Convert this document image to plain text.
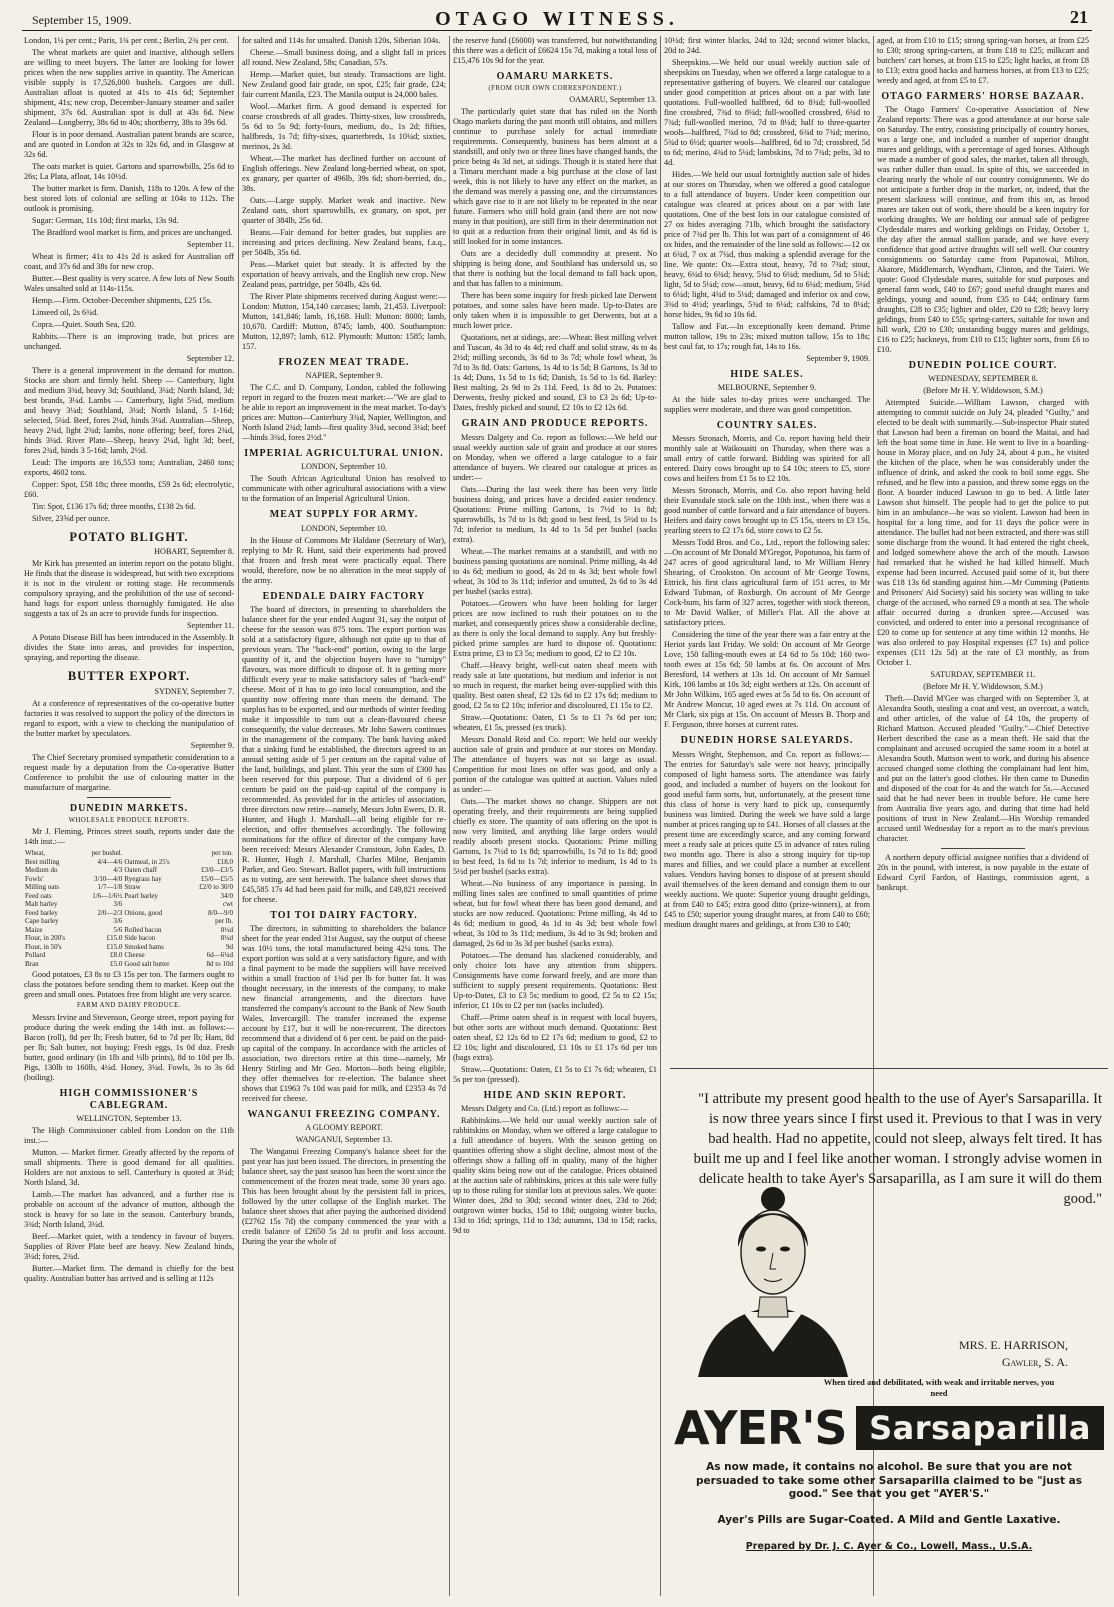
September 15, 1909.	OTAGO WITNESS.	21

London, 1¼ per cent.; Paris, 1¾ per cent.; Berlin, 2¾ per cent.

The wheat markets are quiet and inactive, although sellers are willing to meet buyers. The latter are looking for lower prices when the new supplies arrive in quantity. The American visible supply is 17,526,000 bushels. Cargoes are dull. Australian afloat is quoted at 41s to 41s 6d; September shipment, 41s; new crop, December-January steamer and sailer shipment, 37s 6d. Australian spot is dull at 43s 6d. New Zealand—Longberry, 38s 6d to 40s; shortberry, 38s to 39s 6d.

Flour is in poor demand. Australian patent brands are scarce, and are quoted in London at 32s to 32s 6d, and in Glasgow at 32s 6d.

The oats market is quiet. Gartons and sparrowbills, 25s 6d to 26s; La Plata, afloat, 14s 10½d.

The butter market is firm. Danish, 118s to 120s. A few of the best stored lots of colonial are selling at 104s to 112s. The outlook is promising.

Sugar: German, 11s 10d; first marks, 13s 9d.

The Bradford wool market is firm, and prices are unchanged.

September 11.

Wheat is firmer; 41s to 41s 2d is asked for Australian off coast, and 37s 6d and 38s for new crop.

Butter.—Best quality is very scarce. A few lots of New South Wales unsalted sold at 114s-115s.

Hemp.—Firm. October-December shipments, £25 15s.

Linseed oil, 2s 6¾d.

Copra.—Quiet. South Sea, £20.

Rabbits.—There is an improving trade, but prices are unchanged.

September 12.

There is a general improvement in the demand for mutton. Stocks are short and firmly held. Sheep — Canterbury, light and medium 3¾d, heavy 3d; Southland, 3¼d; North Island, 3d; best brands, 3¼d. Lambs — Canterbury, light 5¾d, medium and heavy 3¼d; Southland, 3¼d; North Island, 5 1-16d; selected, 5¼d. Beef, fores 2¼d, hinds 3¼d. Australian—Sheep, heavy 2¾d, light 2¾d; lambs, none offering; beef, fores 2¾d, hinds 3¼d. River Plate—Sheep, heavy 2¼d, light 3d; beef, fores 2¾d, hinds 3 5-16d; lamb, 2½d.

Lead: The imports are 16,553 tons; Australian, 2460 tons; exports, 4602 tons.

Copper: Spot, £58 18s; three months, £59 2s 6d; electrolytic, £60.

Tin: Spot, £136 17s 6d; three months, £138 2s 6d.

Silver, 23⅝d per ounce.

POTATO BLIGHT.

HOBART, September 8.

Mr Kirk has presented an interim report on the potato blight. He finds that the disease is widespread, but with two exceptions it is not in the virulent or rotting stage. He recommends compulsory spraying, and the prohibition of the use of second-hand bags for export unless thoroughly fumigated. He also suggests a tax of 2s an acre to provide funds for inspection.

September 11.

A Potato Disease Bill has been introduced in the Assembly. It divides the State into areas, and provides for inspection, spraying, and reporting the disease.

BUTTER EXPORT.

SYDNEY, September 7.

At a conference of representatives of the co-operative butter factories it was resolved to support the policy of the directors in regard to export, with a view to checking the manipulation of the butter market by speculators.

September 9.

The Chief Secretary promised sympathetic consideration to a request made by a deputation from the Co-operative Butter Conference to prohibit the use of colouring matter in the manufacture of margarine.

DUNEDIN MARKETS.
WHOLESALE PRODUCE REPORTS.

Mr J. Fleming, Princes street south, reports under date the 14th inst.:—

Wheat,	per bushel.		per ton.
Best milling	4/4—4/6	Oatmeal, in 25's	£18.0
Medium do	4/3	Oaten chaff	£3/0—£3/5
Fowls'	3/10—4/0	Ryegrass hay	£5/0—£5/5
Milling oats	1/7—1/8	Straw	£2/0 to 30/0
Feed oats	1/6—1/6½	Pearl barley	34/0
Malt barley	3/6		cwt
Feed barley	2/0—2/3	Onions, good	8/0—9/0
Cape barley	3/6		per lb.
Maize	5/6	Rolled bacon	8½d
Flour, in 200's	£15.0	Side bacon	8¼d
Flour, in 50's	£15.0	Smoked hams	9d
Pollard	£8.0	Cheese	6d—6¼d
Bran	£5.0	Good salt butter	8d to 10d

Good potatoes, £3 8s to £3 15s per ton. The farmers ought to class the potatoes before sending them to market. Keep out the green and small ones. Potatoes free from blight are very scarce.

FARM AND DAIRY PRODUCE.

Messrs Irvine and Stevenson, George street, report paying for produce during the week ending the 14th inst. as follows:—Bacon (roll), 8d per lb; Fresh butter, 6d to 7d per lb; Ham, 8d per lb; Salt butter, not buying; Fresh eggs, 1s 0d doz. Fresh butter, good ordinary (in 1lb and ½lb prints), 8d to 10d per lb. Pigs, 130lb to 160lb, 4¼d. Honey, 3¼d. Fowls, 3s to 3s 6d (boiling).

HIGH COMMISSIONER'S CABLEGRAM.

WELLINGTON, September 13.

The High Commissioner cabled from London on the 11th inst.:—

Mutton. — Market firmer. Greatly affected by the reports of small shipments. There is good demand for all qualities. Holders are not anxious to sell. Canterbury is quoted at 3¼d; North Island, 3d.

Lamb.—The market has advanced, and a further rise is probable on account of the advance of mutton, although the stock is heavy for so late in the season. Canterbury brands, 3¾d; North Island, 3¼d.

Beef.—Market quiet, with a tendency in favour of buyers. Supplies of River Plate beef are heavy. New Zealand hinds, 3¼d; fores, 2¾d.

Butter.—Market firm. The demand is chiefly for the best quality. Australian butter has arrived and is selling at 112s

for salted and 114s for unsalted. Danish 120s, Siberian 104s.

Cheese.—Small business doing, and a slight fall in prices all round. New Zealand, 58s; Canadian, 57s.

Hemp.—Market quiet, but steady. Transactions are light. New Zealand good fair grade, on spot, £25; fair grade, £24; fair current Manila, £23. The Manila output is 24,000 bales.

Wool.—Market firm. A good demand is expected for coarse crossbreds of all grades. Thirty-sixes, low crossbreds, 5s 6d to 5s 9d; forty-fours, medium, do., 1s 2d; fifties, halfbreds, 1s 7d; fifty-sixes, quarterbreds, 1s 10¼d; sixties, merinos, 2s 3d.

Wheat.—The market has declined further on account of English offerings. New Zealand long-berried wheat, on spot, ex granary, per quarter of 496lb, 39s 6d; short-berried, do., 38s.

Oats.—Large supply. Market weak and inactive. New Zealand oats, short sparrowbills, ex granary, on spot, per quarter of 384lb, 25s 6d.

Beans.—Fair demand for better grades, but supplies are increasing and prices declining. New Zealand beans, f.a.q., per 504lb, 35s 6d.

Peas.—Market quiet but steady. It is affected by the exportation of heavy arrivals, and the English new crop. New Zealand peas, partridge, per 504lb, 42s 6d.

The River Plate shipments received during August were:—London: Mutton, 154,140 carcases; lamb, 21,453. Liverpool: Mutton, 141,846; lamb, 16,168. Hull: Mutton: 8000; lamb, 10,670. Cardiff: Mutton, 8745; lamb, 400. Southampton: Mutton, 12,897; lamb, 612. Plymouth: Mutton: 1585; lamb, 157.

FROZEN MEAT TRADE.

NAPIER, September 9.

The C.C. and D. Company, London, cabled the following report in regard to the frozen meat market:—"We are glad to be able to report an improvement in the meat market. To-day's prices are: Mutton—Canterbury 3¾d, Napier, Wellington, and North Island 2¾d; lamb—first quality 3¾d, second 3¼d; beef—hinds 3¾d, fores 2½d."

IMPERIAL AGRICULTURAL UNION.

LONDON, September 10.

The South African Agricultural Union has resolved to communicate with other agricultural associations with a view to the formation of an Imperial Agricultural Union.

MEAT SUPPLY FOR ARMY.

LONDON, September 10.

In the House of Commons Mr Haldane (Secretary of War), replying to Mr R. Hunt, said their experiments had proved that frozen and fresh meat were practically equal. There would, therefore, now be no alteration in the meat supply of the army.

EDENDALE DAIRY FACTORY

The board of directors, in presenting to shareholders the balance sheet for the year ended August 31, say the output of cheese for the season was 875 tons. The export portion was sold at a satisfactory figure, although not quite up to that of previous years. The "back-end" portion, owing to the large quantity of it, and the objection buyers have to "turnipy" flavours, was more difficult to dispose of. It is getting more difficult every year to make satisfactory sales of "back-end" cheese. Most of it has to go into local consumption, and the quantity now offering more than meets the demand. The surplus has to be exported, and our methods of winter feeding make it impossible to turn out a clean-flavoured cheese consequently, the value decreases. Mr John Sawers continues in the management of the company. The bank having asked that a sinking fund be established, the directors agreed to an annual setting aside of 5 per centum on the capital value of the land, buildings, and plant. This year the sum of £300 has been reserved for this purpose. That a dividend of 6 per centum be paid on the paid-up capital of the company is recommended. As provided for in the articles of association, three directors now retire—namely, Messrs John Ewers, D. R. Hunter, and Hugh J. Marshall—all being eligible for re-election, and offer themselves accordingly. The following nominations for the office of director of the company have been received: Messrs Alexander Cranstoun, John Eades, D. R. Hunter, Hugh J. Marshall, Charles Milne, Benjamin Parker, and Geo. Stewart. Ballot papers, with full instructions as to voting, are sent herewith. The balance sheet shows that £45,585 17s 4d had been paid for milk, and £49,821 received for cheese.

TOI TOI DAIRY FACTORY.

The directors, in submitting to shareholders the balance sheet for the year ended 31st August, say the output of cheese was 10½ tons, the total manufactured being 42¼ tons. The export portion was sold at a very satisfactory figure, and with a final payment to be made the suppliers will have received within a small fraction of 1¾d per lb for butter fat. It was thought necessary, in the interests of the company, to make new financial arrangements, and the directors have transferred the company's account to the Bank of New South Wales, Invercargill. The transfer increased the expense account by £17, but it will be non-recurrent. The directors recommend that a dividend of 6 per cent. be paid on the paid-up capital of the company. In accordance with the articles of association, two directors retire at this time—namely, Mr Henry Stirling and Mr Geo. Morton—both being eligible, they offer themselves for re-election. The balance sheet shows that £1963 7s 10d was paid for milk, and £2353 4s 7d received for cheese.

WANGANUI FREEZING COMPANY.

A GLOOMY REPORT.

WANGANUI, September 13.

The Wanganui Freezing Company's balance sheet for the past year has just been issued. The directors, in presenting the balance sheet, say the past season has been the worst since the commencement of the frozen meat trade, some 30 years ago. This has been brought about by the persistent fall in prices, followed by the utter collapse of the English market. The balance sheet shows that after paying the authorised dividend (£2762 15s 7d) the company commenced the year with a credit balance of £2650 5s 2d to profit and loss account. During the year the whole of

the reserve fund (£6000) was transferred, but notwithstanding this there was a deficit of £6624 15s 7d, making a total loss of £15,476 10s 9d for the year.

OAMARU MARKETS.
(FROM OUR OWN CORRESPONDENT.)

OAMARU, September 13.

The particularly quiet state that has ruled on the North Otago markets during the past month still obtains, and millers continue to purchase solely for actual immediate requirements. Consequently, business has been almost at a standstill, and only two or three lines have changed hands, the price being 4s 3d net, at sidings. Though it is stated here that a Timaru merchant made a big purchase at the close of last week, this is not likely to have any effect on the market, as the demand was merely a passing one, and the circumstances which gave rise to it are not likely to be repeated in the near future. Farmers who still hold grain (and there are not now many in that position), are still firm in their determination not to quit at a reduction from their original limit, and 4s 6d is still looked for in some instances.

Oats are a decidedly dull commodity at present. No shipping is being done, and Southland has undersold us, so that there is nothing but the local demand to fall back upon, and that has fallen to a minimum.

There has been some inquiry for fresh picked late Derwent potatoes, and some sales have been made. Up-to-Dates are only taken when it is impossible to get Derwents, but at a much lower price.

Quotations, net at sidings, are:—Wheat: Best milling velvet and Tuscan, 4s 3d to 4s 4d; red chaff and solid straw, 4s to 4s 2½d; milling seconds, 3s 6d to 3s 7d; whole fowl wheat, 3s 7d to 3s 8d. Oats: Gartons, 1s 4d to 1s 5d; B Gartons, 1s 3d to 1s 4d; Duns, 1s 5d to 1s 6d; Danish, 1s 5d to 1s 6d. Barley: Best malting, 2s 9d to 2s 11d. Feed, 1s 8d to 2s. Potatoes: Derwents, freshy picked and sound, £3 to £3 2s 6d; Up-to-Dates, freshly picked and sound, £2 10s to £2 12s 6d.

GRAIN AND PRODUCE REPORTS.

Messrs Dalgety and Co. report as follows:—We held our usual weekly auction sale of grain and produce at our stores on Monday, when we offered a large catalogue to a fair attendance of buyers. We cleared our catalogue at prices as under:—

Oats.—During the last week there has been very little business doing, and prices have a decided easier tendency. Quotations: Prime milling Gartons, 1s 7½d to 1s 8d; sparrowbills, 1s 7d to 1s 8d; good to best feed, 1s 5½d to 1s 7d; inferior to medium, 1s 4d to 1s 5d per bushel (sacks extra).

Wheat.—The market remains at a standstill, and with no business passing quotations are nominal. Prime milling, 4s 4d to 4s 6d; medium to good, 4s 2d to 4s 3d; best whole fowl wheat, 3s 10d to 3s 11d; inferior and smutted, 2s 6d to 3s 4d per bushel (sacks extra).

Potatoes.—Growers who have been holding for larger prices are now inclined to rush their potatoes on to the market, and consequently prices show a considerable decline, as there is only the local demand to supply. Any but freshly-picked prime samples are hard to dispose of. Quotations: Extra prime, £3 to £3 5s; medium to good, £2 to £2 10s.

Chaff.—Heavy bright, well-cut oaten sheaf meets with ready sale at late quotations, but medium and inferior is not so much in request, the market being over-supplied with this quality. Best oaten sheaf, £2 12s 6d to £2 17s 6d; medium to good, £2 5s to £2 10s; inferior and discoloured, £1 15s to £2.

Straw.—Quotations: Oaten, £1 5s to £1 7s 6d per ton; wheaten, £1 5s, pressed (ex truck).

Messrs Donald Reid and Co. report: We held our weekly auction sale of grain and produce at our stores on Monday. The attendance of buyers was not so large as usual. Competition for most lines on offer was good, and only a portion of the catalogue was quitted at auction. Values ruled as under:—

Oats.—The market shows no change. Shippers are not operating freely, and their requirements are being supplied chiefly ex store. The quantity of oats offering on the spot is now very limited, and anything like large orders would readily absorb present stocks. Quotations: Prime milling Gartons, 1s 7½d to 1s 8d; sparrowbills, 1s 7d to 1s 8d; good to best feed, 1s 6d to 1s 7d; inferior to medium, 1s 4d to 1s 5½d per bushel (sacks extra).

Wheat.—No business of any importance is passing. In milling lines sales are confined to small quantities of prime wheat, but for fowl wheat there has been good demand, and stocks are now reduced. Quotations: Prime milling, 4s 4d to 4s 6d; medium to good, 4s 1d to 4s 3d; best whole fowl wheat, 3s 10d to 3s 11d; medium, 3s 4d to 3s 9d; broken and damaged, 2s 6d to 3s 3d per bushel (sacks extra).

Potatoes.—The demand has slackened considerably, and only choice lots have any attention from shippers. Consignments have come forward freely, and are more than sufficient to supply present requirements. Quotations: Best Up-to-Dates, £3 to £3 5s; medium to good, £2 5s to £2 15s; inferior, £1 10s to £2 per ton (sacks included).

Chaff.—Prime oaten sheaf is in request with local buyers, but other sorts are without much demand. Quotations: Best oaten sheaf, £2 12s 6d to £2 17s 6d; medium to good, £2 to £2 10s; light and discoloured, £1 10s to £1 17s 6d per ton (bags extra).

Straw.—Quotations: Oaten, £1 5s to £1 7s 6d; wheaten, £1 5s per ton (pressed).

HIDE AND SKIN REPORT.

Messrs Dalgety and Co. (Ltd.) report as follows:—

Rabbitskins.—We held our usual weekly auction sale of rabbitskins on Monday, when we offered a large catalogue to a full attendance of buyers. With the season getting on quantities offering show a slight decline, almost most of the offerings show a falling off in quality, many of the higher quality skins being now out of the catalogue. Prices obtained at the auction sale of rabbitskins, prices at this sale were fully up to those ruling for similar lots at previous sales. We quote: Winter does, 28d to 30d; second winter does, 23d to 26d; outgrown winter bucks, 15d to 18d; outgoing winter bucks, 13d to 16d; springs, 11d to 13d; autumns, 13d to 15d; racks, 9d to

10½d; first winter blacks, 24d to 32d; second winter blacks, 20d to 24d.

Sheepskins.—We held our usual weekly auction sale of sheepskins on Tuesday, when we offered a large catalogue to a representative gathering of buyers. We cleared our catalogue under good competition at prices about on a par with late quotations. Full-woolled halfbred, 6d to 8¾d; full-woolled fine crossbred, 7¾d to 8¼d; full-woolled crossbred, 6¾d to 7¾d; full-woolled merino, 7d to 8¼d; half to three-quarter wools—halfbred, 7¾d to 8d; crossbred, 6¾d to 7¾d; merino, 5¾d to 6½d; quarter wools—halfbred, 6d to 7d; crossbred, 5d to 6d; merino, 4¾d to 5¼d; lambskins, 7d to 7¾d; pelts, 3d to 4d.

Hides.—We held our usual fortnightly auction sale of hides at our stores on Thursday, when we offered a good catalogue to a full attendance of buyers. Under keen competition our catalogue was cleared at prices about on a par with late quotations. One of the best lots in our catalogue consisted of 27 ox hides averaging 71lb, which brought the satisfactory price of 7¾d per lb. This lot was part of a consignment of 46 ox hides, and the remainder of the line sold as follows:—12 ox at 6¾d, 7 ox at 7¼d, thus making a splendid average for the line. We quote: Ox—Extra stout, heavy, 7d to 7¾d; stout, heavy, 6¼d to 6¾d; heavy, 5¾d to 6¼d; medium, 5d to 5¾d; light, 5d to 5¼d; cow—stout, heavy, 6d to 6¼d; medium, 5¼d to 6¼d; light, 4¾d to 5¼d; damaged and inferior ox and cow, 3¾d to 4½d; yearlings, 5¾d to 6¼d; calfskins, 7d to 8¼d; horse hides, 9s 6d to 10s 6d.

Tallow and Fat.—In exceptionally keen demand. Prime mutton tallow, 19s to 23s; mixed mutton tallow, 15s to 18s; best caul fat, to 17s; rough fat, 14s to 16s.

September 9, 1909.

HIDE SALES.

MELBOURNE, September 9.

At the hide sales to-day prices were unchanged. The supplies were moderate, and there was good competition.

COUNTRY SALES.

Messrs Stronach, Morris, and Co. report having held their monthly sale at Waikouaiti on Thursday, when there was a small entry of cattle forward. Bidding was spirited for all entered. Dairy cows brought up to £4 10s; steers to £5, store cows and heifers from £1 5s to £2 10s.

Messrs Stronach, Morris, and Co. also report having held their Evansdale stock sale on the 10th inst., when there was a good number of cattle forward and a fair attendance of buyers. Heifers and dairy cows brought up to £5 15s, steers to £3 15s, yearling steers to £2 17s 6d, store cows to £2 5s.

Messrs Todd Bros. and Co., Ltd., report the following sales:—On account of Mr Donald M'Gregor, Popotunoa, his farm of 247 acres of good agricultural land, to Mr William Henry Shearing, of Crookston. On account of Mr George Towns, Ettrick, his first class agricultural farm of 151 acres, to Mr Edward Tubman, of Roxburgh. On account of Mr George Cock-burn, his farm of 327 acres, together with stock thereon, to Mr David Walker, of Miller's Flat. All the above at satisfactory prices.

Considering the time of the year there was a fair entry at the Heriot yards last Friday. We sold: On account of Mr George Love, 150 falling-mouth ewes at £4 6d to 5s 10d; 160 two-tooth ewes at 15s 6d; 50 lambs at 6s. On account of Mrs Beresford, 14 wethers at 13s 1d. On account of Mr Samuel Kirk, 106 lambs at 10s 3d; eight wethers at 12s. On account of Mr John Wilkins, 165 aged ewes at 5s 5d to 6s. On account of Mr Andrew Moncur, 10 aged ewes at 7s 11d. On account of Mr Clark, six pigs at 15s. On account of Messrs B. Thorp and F. Ferguson, three horses at current rates.

DUNEDIN HORSE SALEYARDS.

Messrs Wright, Stephenson, and Co. report as follows:—The entries for Saturday's sale were not heavy, principally composed of light harness sorts. The attendance was fairly good, and included a number of buyers on the lookout for good useful farm sorts, but, unfortunately, at the present time this class of horse is very hard to pick up, consequently business was limited. During the week we have sold a large number at prices ranging up to £41. Horses of all classes at the present time are exceedingly scarce, and any coming forward meet a ready sale at prices quite £5 in advance of rates ruling two months ago. There is also a strong inquiry for tip-top mares and fillies, and we could place a number at excellent values. Vendors having horses to dispose of at present should avail themselves of the keen demand and consign them to our weekly auctions. We quote: Superior young draught geldings, at from £40 to £45; extra good ditto (prize-winners), at from £45 to £50; superior young draught mares, at from £40 to £60; medium draught mares and geldings, at from £30 to £40;

aged, at from £10 to £15; strong spring-van horses, at from £25 to £30; strong spring-carters, at from £18 to £25; milkcart and butchers' cart horses, at from £15 to £25; light hacks, at from £8 to £13; extra good hacks and harness horses, at from £13 to £25; weedy and aged, at from £5 to £7.

OTAGO FARMERS' HORSE BAZAAR.

The Otago Farmers' Co-operative Association of New Zealand reports: There was a good attendance at our horse sale on Saturday. The entry, consisting principally of country horses, was a large one, and included a number of superior draught mares and geldings, with a percentage of aged horses. Although we made a number of good sales, the market, taken all through, was rather duller than usual. In spite of this, we succeeded in clearing nearly the whole of our country consignments. We do not anticipate a further drop in the market, or, indeed, that the present slackness will continue, and from this on, as brood mares are taken out of work, there should be a keen inquiry for working draughts. We are holding our annual sale of pedigree Clydesdale mares and working geldings on Friday, October 1, the day after the annual stallion parade, and we have every confidence that good active draughts will sell well. Our country consignments on Saturday came from Papatowai, Milton, Akatore, Middlemarch, Wyndham, Clinton, and the Taieri. We quote: Good Clydesdale mares, suitable for stud purposes and general farm work, £40 to £67; good useful draught mares and geldings, young and sound, from £35 to £44; ordinary farm draughts, £28 to £35; lighter and older, £20 to £28; heavy lorry geldings, from £40 to £55; spring-carters, suitable for town and hill work, £20 to £30; unstanding buggy mares and geldings, £16 to £25; hackneys, from £10 to £15; lighter sorts, from £6 to £10.

DUNEDIN POLICE COURT.

WEDNESDAY, SEPTEMBER 8.

(Before Mr H. Y. Widdowson, S.M.)

Attempted Suicide.—William Lawson, charged with attempting to commit suicide on July 24, pleaded "Guilty," and elected to be dealt with summarily.—Sub-inspector Phair stated that Lawson had been a fireman on board the Maitai, and had left the boat some time in June. He went to live in a boarding-house in Moray place, and on July 24, about 4 p.m., he visited the kitchen of the place, when he was considerably under the influence of drink, and asked the cook to boil some eggs. She refused, and he flew into a passion, and threw some eggs on the floor. A boarder induced Lawson to go to bed. A little later Lawson shot himself. The people had to get the police to put him in an ambulance—he was so violent. Lawson had been in hospital for a long time, and for 11 days the police were in attendance. The bullet had not been extracted, and there was still some discharge from the wound. It had entered the right cheek, and lodged somewhere above the arch of the mouth. Lawson had remarked that he wished he had killed himself. Much expense had been incurred. Accused paid some of it, but there was £18 13s 6d standing against him.—Mr Cumming (Patients and Prisoners' Aid Society) said his society was willing to take charge of the accused, who earned £9 a month at sea. The whole affair occurred during a drunken spree.—Accused was convicted, and ordered to enter into a personal recognisance of £20 to come up for sentence at any time within 12 months. He was also ordered to pay Hospital expenses (£7 1s) and police expenses (£11 12s 5d) at the rate of £3 monthly, as from October 1.

SATURDAY, SEPTEMBER 11.

(Before Mr H. Y. Widdowson, S.M.)

Theft.—David M'Gee was charged with on September 3, at Alexandra South, stealing a coat and vest, an overcoat, a watch, and other articles, of the value of £4 10s, the property of Richard Mattson. Accused pleaded "Guilty."—Chief Detective Herbert described the case as a mean theft. He said that the complainant and accused occupied the same room in a hotel at Alexandra South. Mattson went to work, and during his absence accused changed some clothing the complainant had lent him, and put on the latter's good clothes. He then came to Dunedin and disposed of the coat for 4s and the watch for 5s.—Accused said that he had never been in trouble before. He came here from Australia five years ago, and during that time had held positions of trust in New Zealand.—His Worship remanded accused until Wednesday for a report as to the man's previous character.

A northern deputy official assignee notifies that a dividend of 20s in the pound, with interest, is now payable in the estate of Edward Cyril Fardon, of Hastings, commission agent, a bankrupt.

"I attribute my present good health to the use of Ayer's Sarsaparilla. It is now three years since I first used it. Previous to that I was in very bad health. Had no appetite, could not sleep, always felt tired. It has built me up and I feel like another woman. I strongly advise women in delicate health to take Ayer's Sarsaparilla, as I am sure it will do them good."
MRS. E. HARRISON,
Gawler, S. A.
When tired and debilitated, with weak and irritable nerves, you need
AYER'S Sarsaparilla
As now made, it contains no alcohol. Be sure that you are not persuaded to take some other Sarsaparilla claimed to be "just as good." See that you get "AYER'S."
Ayer's Pills are Sugar-Coated. A Mild and Gentle Laxative.
Prepared by Dr. J. C. Ayer & Co., Lowell, Mass., U.S.A.
